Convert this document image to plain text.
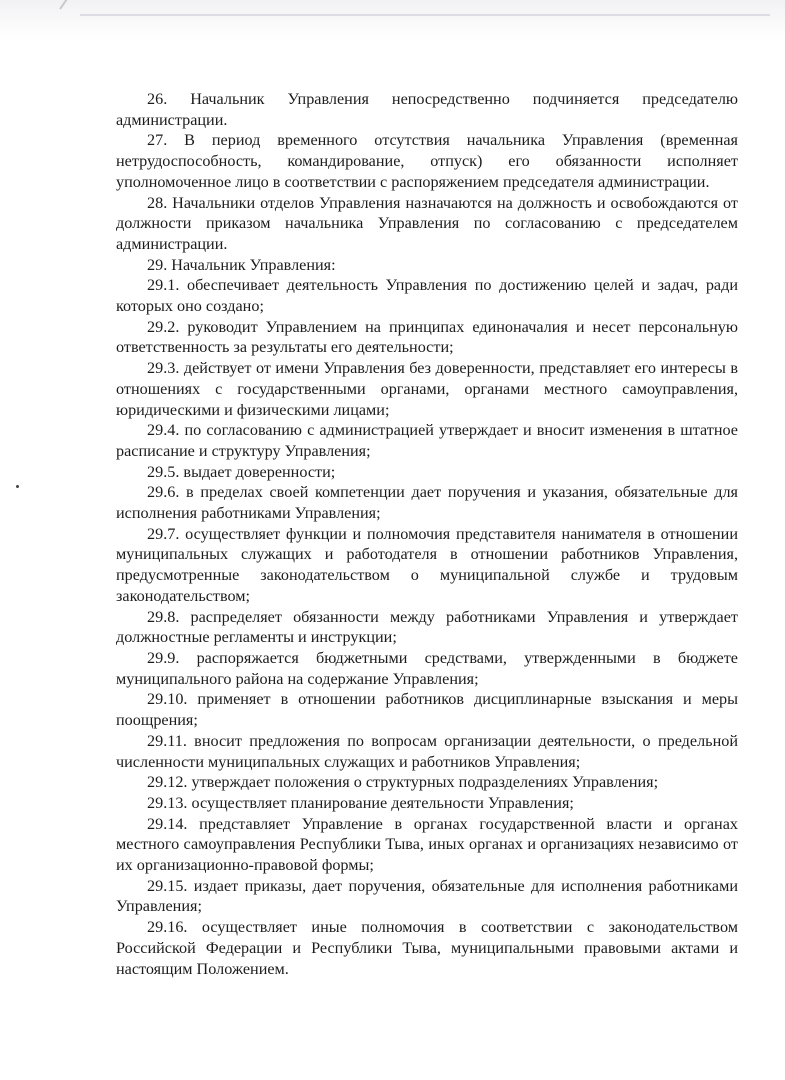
26. Начальник Управления непосредственно подчиняется председателю администрации.

27. В период временного отсутствия начальника Управления (временная нетрудоспособность, командирование, отпуск) его обязанности исполняет уполномоченное лицо в соответствии с распоряжением председателя администрации.

28. Начальники отделов Управления назначаются на должность и освобождаются от должности приказом начальника Управления по согласованию с председателем администрации.

29. Начальник Управления:

29.1. обеспечивает деятельность Управления по достижению целей и задач, ради которых оно создано;

29.2. руководит Управлением на принципах единоначалия и несет персональную ответственность за результаты его деятельности;

29.3. действует от имени Управления без доверенности, представляет его интересы в отношениях с государственными органами, органами местного самоуправления, юридическими и физическими лицами;

29.4. по согласованию с администрацией утверждает и вносит изменения в штатное расписание и структуру Управления;

29.5. выдает доверенности;

29.6. в пределах своей компетенции дает поручения и указания, обязательные для исполнения работниками Управления;

29.7. осуществляет функции и полномочия представителя нанимателя в отношении муниципальных служащих и работодателя в отношении работников Управления, предусмотренные законодательством о муниципальной службе и трудовым законодательством;

29.8. распределяет обязанности между работниками Управления и утверждает должностные регламенты и инструкции;

29.9. распоряжается бюджетными средствами, утвержденными в бюджете муниципального района на содержание Управления;

29.10. применяет в отношении работников дисциплинарные взыскания и меры поощрения;

29.11. вносит предложения по вопросам организации деятельности, о предельной численности муниципальных служащих и работников Управления;

29.12. утверждает положения о структурных подразделениях Управления;

29.13. осуществляет планирование деятельности Управления;

29.14. представляет Управление в органах государственной власти и органах местного самоуправления Республики Тыва, иных органах и организациях независимо от их организационно-правовой формы;

29.15. издает приказы, дает поручения, обязательные для исполнения работниками Управления;

29.16. осуществляет иные полномочия в соответствии с законодательством Российской Федерации и Республики Тыва, муниципальными правовыми актами и настоящим Положением.
